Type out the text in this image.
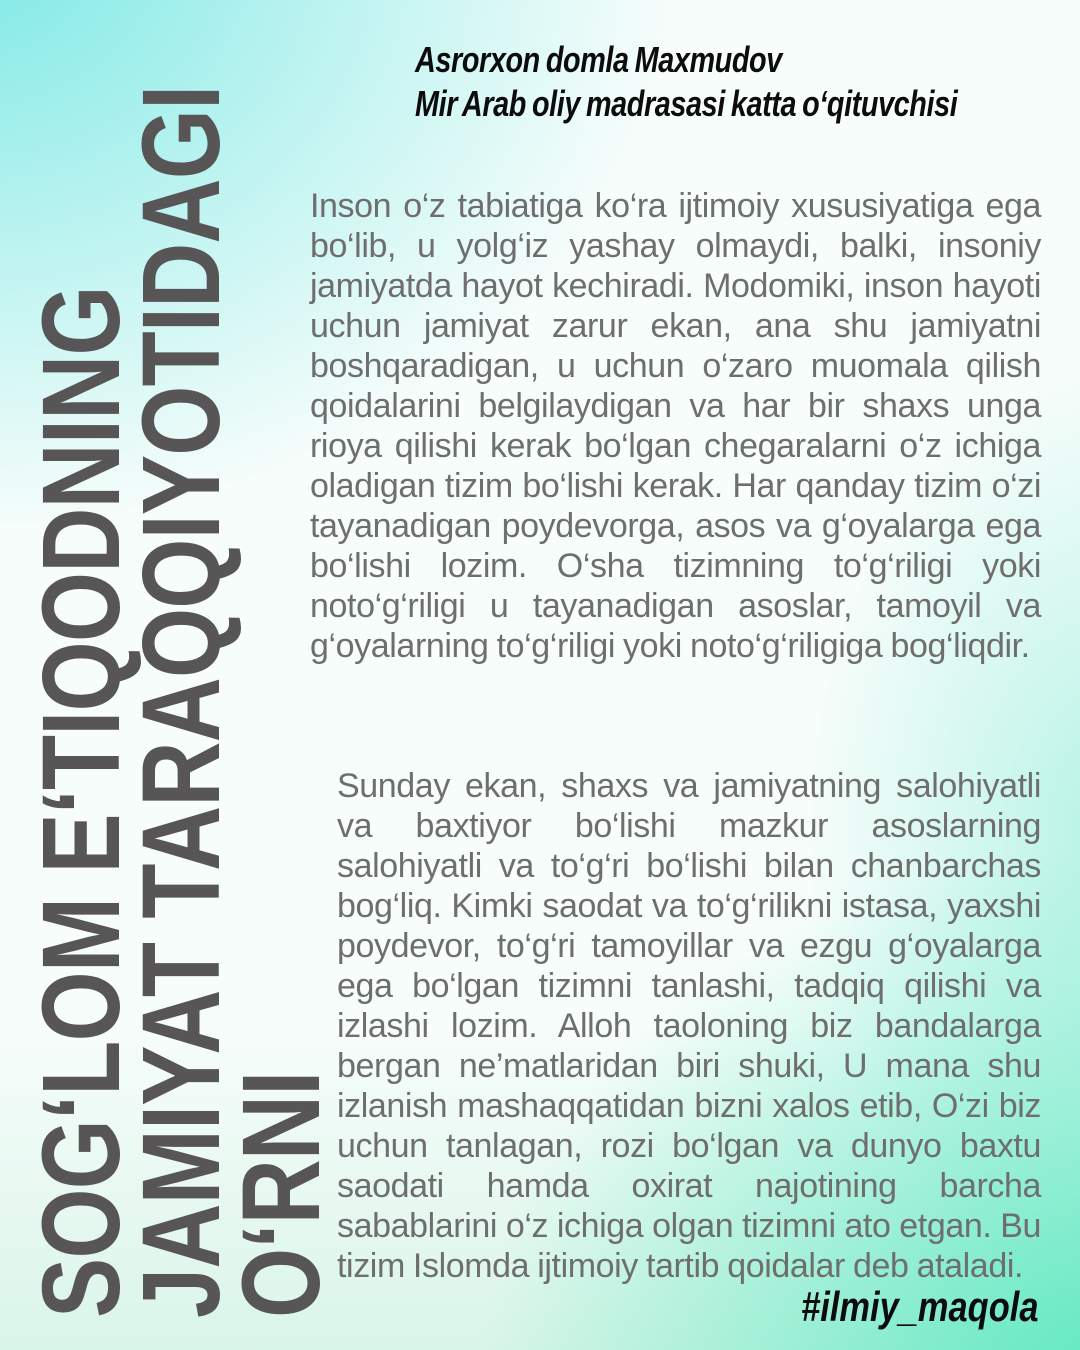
SOG‘LOM E‘TIQODNING
JAMIYAT TARAQQIYOTIDAGI
O‘RNI
Asrorxon domla Maxmudov
Mir Arab oliy madrasasi katta o‘qituvchisi

Inson o‘z tabiatiga ko‘ra ijtimoiy xususiyatiga ega bo‘lib, u yolg‘iz yashay olmaydi, balki, insoniy jamiyatda hayot kechiradi. Modomiki, inson hayoti uchun jamiyat zarur ekan, ana shu jamiyatni boshqaradigan, u uchun o‘zaro muomala qilish qoidalarini belgilaydigan va har bir shaxs unga rioya qilishi kerak bo‘lgan chegaralarni o‘z ichiga oladigan tizim bo‘lishi kerak. Har qanday tizim o‘zi tayanadigan poydevorga, asos va g‘oyalarga ega bo‘lishi lozim. O‘sha tizimning to‘g‘riligi yoki noto‘g‘riligi u tayanadigan asoslar, tamoyil va g‘oyalarning to‘g‘riligi yoki noto‘g‘riligiga bog‘liqdir.

Sunday ekan, shaxs va jamiyatning salohiyatli va baxtiyor bo‘lishi mazkur asoslarning salohiyatli va to‘g‘ri bo‘lishi bilan chanbarchas bog‘liq. Kimki saodat va to‘g‘rilikni istasa, yaxshi poydevor, to‘g‘ri tamoyillar va ezgu g‘oyalarga ega bo‘lgan tizimni tanlashi, tadqiq qilishi va izlashi lozim. Alloh taoloning biz bandalarga bergan ne’matlaridan biri shuki, U mana shu izlanish mashaqqatidan bizni xalos etib, O‘zi biz uchun tanlagan, rozi bo‘lgan va dunyo baxtu saodati hamda oxirat najotining barcha sabablarini o‘z ichiga olgan tizimni ato etgan. Bu tizim Islomda ijtimoiy tartib qoidalar deb ataladi.

#ilmiy_maqola
